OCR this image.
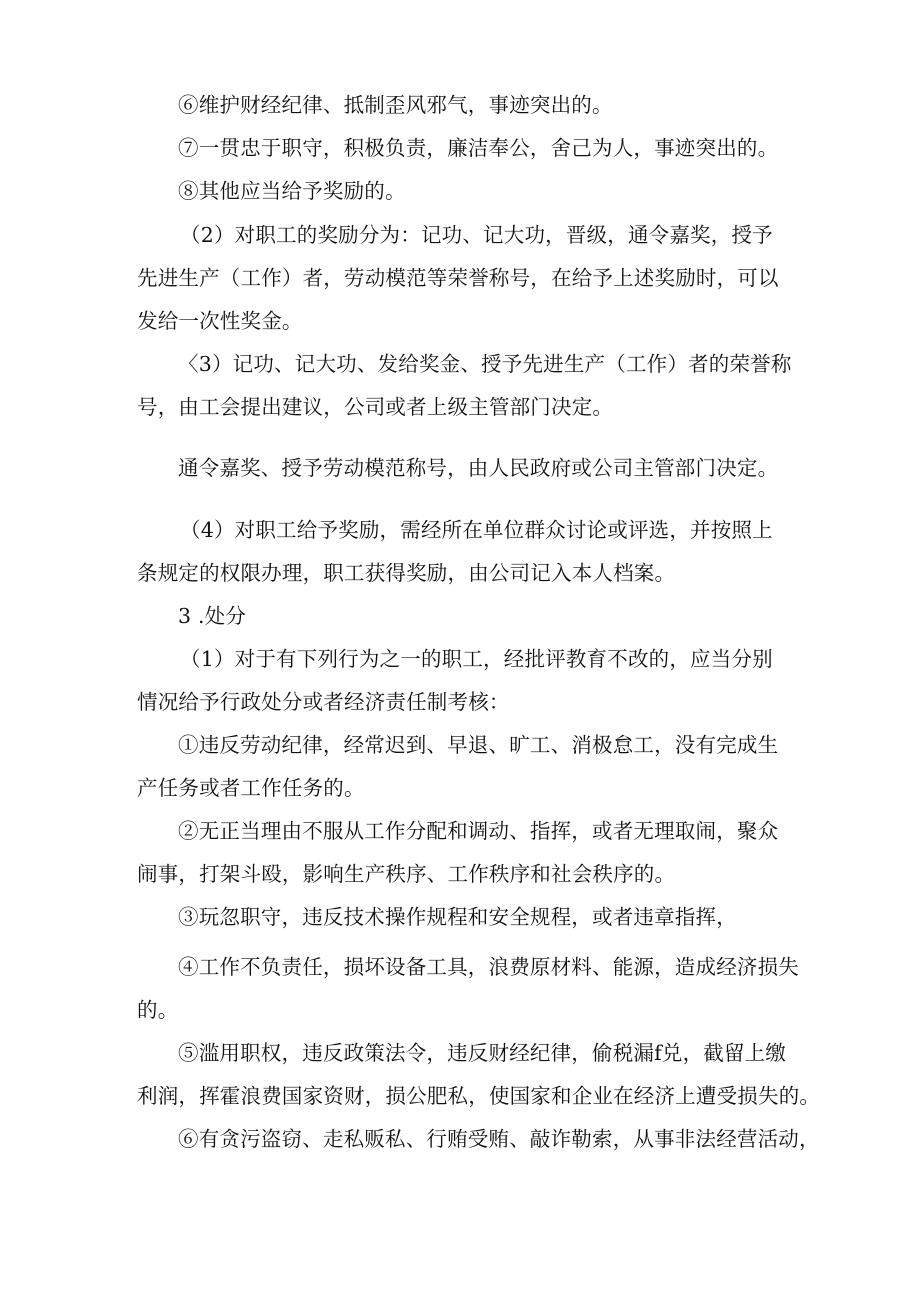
⑥维护财经纪律、抵制歪风邪气，事迹突出的。
⑦一贯忠于职守，积极负责，廉洁奉公，舍己为人，事迹突出的。
⑧其他应当给予奖励的。
（2）对职工的奖励分为：记功、记大功，晋级，通令嘉奖，授予
先进生产（工作）者，劳动模范等荣誉称号，在给予上述奖励时，可以
发给一次性奖金。
〈3）记功、记大功、发给奖金、授予先进生产（工作）者的荣誉称
号，由工会提出建议，公司或者上级主管部门决定。
通令嘉奖、授予劳动模范称号，由人民政府或公司主管部门决定。
（4）对职工给予奖励，需经所在单位群众讨论或评选，并按照上
条规定的权限办理，职工获得奖励，由公司记入本人档案。
3 .处分
（1）对于有下列行为之一的职工，经批评教育不改的，应当分别
情况给予行政处分或者经济责任制考核：
①违反劳动纪律，经常迟到、早退、旷工、消极怠工，没有完成生
产任务或者工作任务的。
②无正当理由不服从工作分配和调动、指挥，或者无理取闹，聚众
闹事，打架斗殴，影响生产秩序、工作秩序和社会秩序的。
③玩忽职守，违反技术操作规程和安全规程，或者违章指挥，
④工作不负责任，损坏设备工具，浪费原材料、能源，造成经济损失
的。
⑤滥用职权，违反政策法令，违反财经纪律，偷税漏f兑，截留上缴
利润，挥霍浪费国家资财，损公肥私，使国家和企业在经济上遭受损失的。
⑥有贪污盗窃、走私贩私、行贿受贿、敲诈勒索，从事非法经营活动，
